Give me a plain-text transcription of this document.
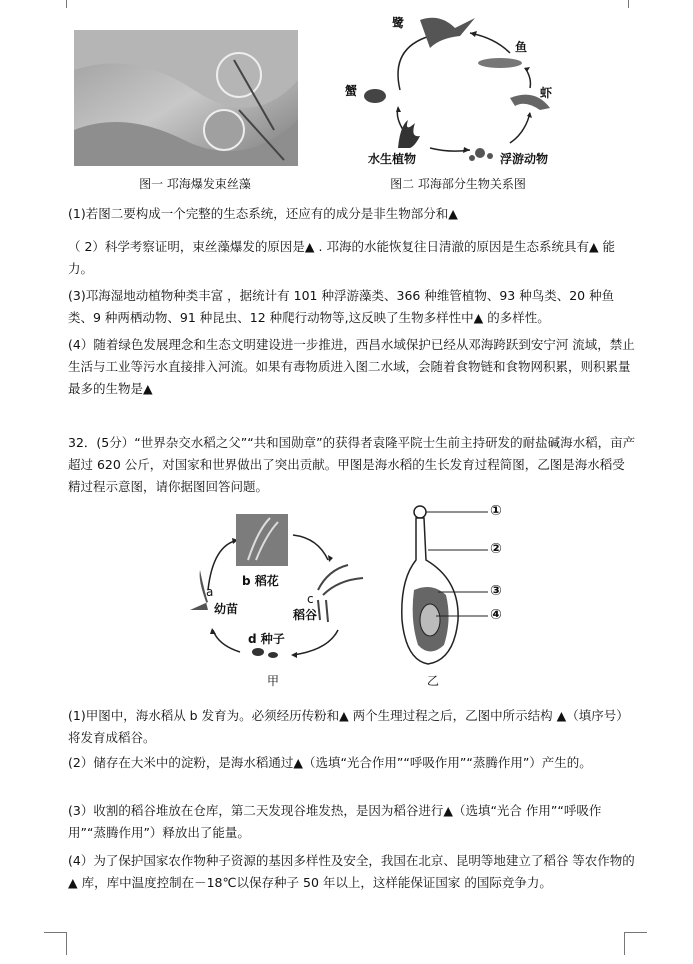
图一 邛海爆发束丝藻
鹭
鱼
蟹	虾
水生植物	浮游动物
图二 邛海部分生物关系图

(1)若图二要构成一个完整的生态系统，还应有的成分是非生物部分和▲

（ 2）科学考察证明，束丝藻爆发的原因是▲ . 邛海的水能恢复往日清澈的原因是生态系统具有▲ 能力。

(3)邛海湿地动植物种类丰富 ，据统计有 101 种浮游藻类、366 种维管植物、93 种鸟类、20 种鱼类、9 种两栖动物、91 种昆虫、12 种爬行动物等,这反映了生物多样性中▲ 的多样性。

(4）随着绿色发展理念和生态文明建设进一步推进，西昌水域保护已经从邓海跨跃到安宁河 流域，禁止生活与工业等污水直接排入河流。如果有毒物质进入图二水域，会随着食物链和食物网积累，则积累量最多的生物是▲

32．(5分）“世界杂交水稻之父”“共和国勋章”的获得者袁隆平院士生前主持研发的耐盐碱海水稻，亩产超过 620 公斤，对国家和世界做出了突出贡献。甲图是海水稻的生长发育过程简图，乙图是海水稻受精过程示意图，请你据图回答问题。

a
幼苗
b 稻花
c
稻谷
d 种子
甲
①
②
③
④
乙

(1)甲图中，海水稻从 b 发育为。必须经历传粉和▲ 两个生理过程之后，乙图中所示结构 ▲（填序号）将发育成稻谷。

(2）储存在大米中的淀粉，是海水稻通过▲（选填“光合作用”“呼吸作用”“蒸腾作用”）产生的。

(3）收割的稻谷堆放在仓库，第二天发现谷堆发热，是因为稻谷进行▲（选填“光合 作用”“呼吸作用”“蒸腾作用”）释放出了能量。

(4）为了保护国家农作物种子资源的基因多样性及安全，我国在北京、昆明等地建立了稻谷 等农作物的▲ 库，库中温度控制在－18℃以保存种子 50 年以上，这样能保证国家 的国际竞争力。
